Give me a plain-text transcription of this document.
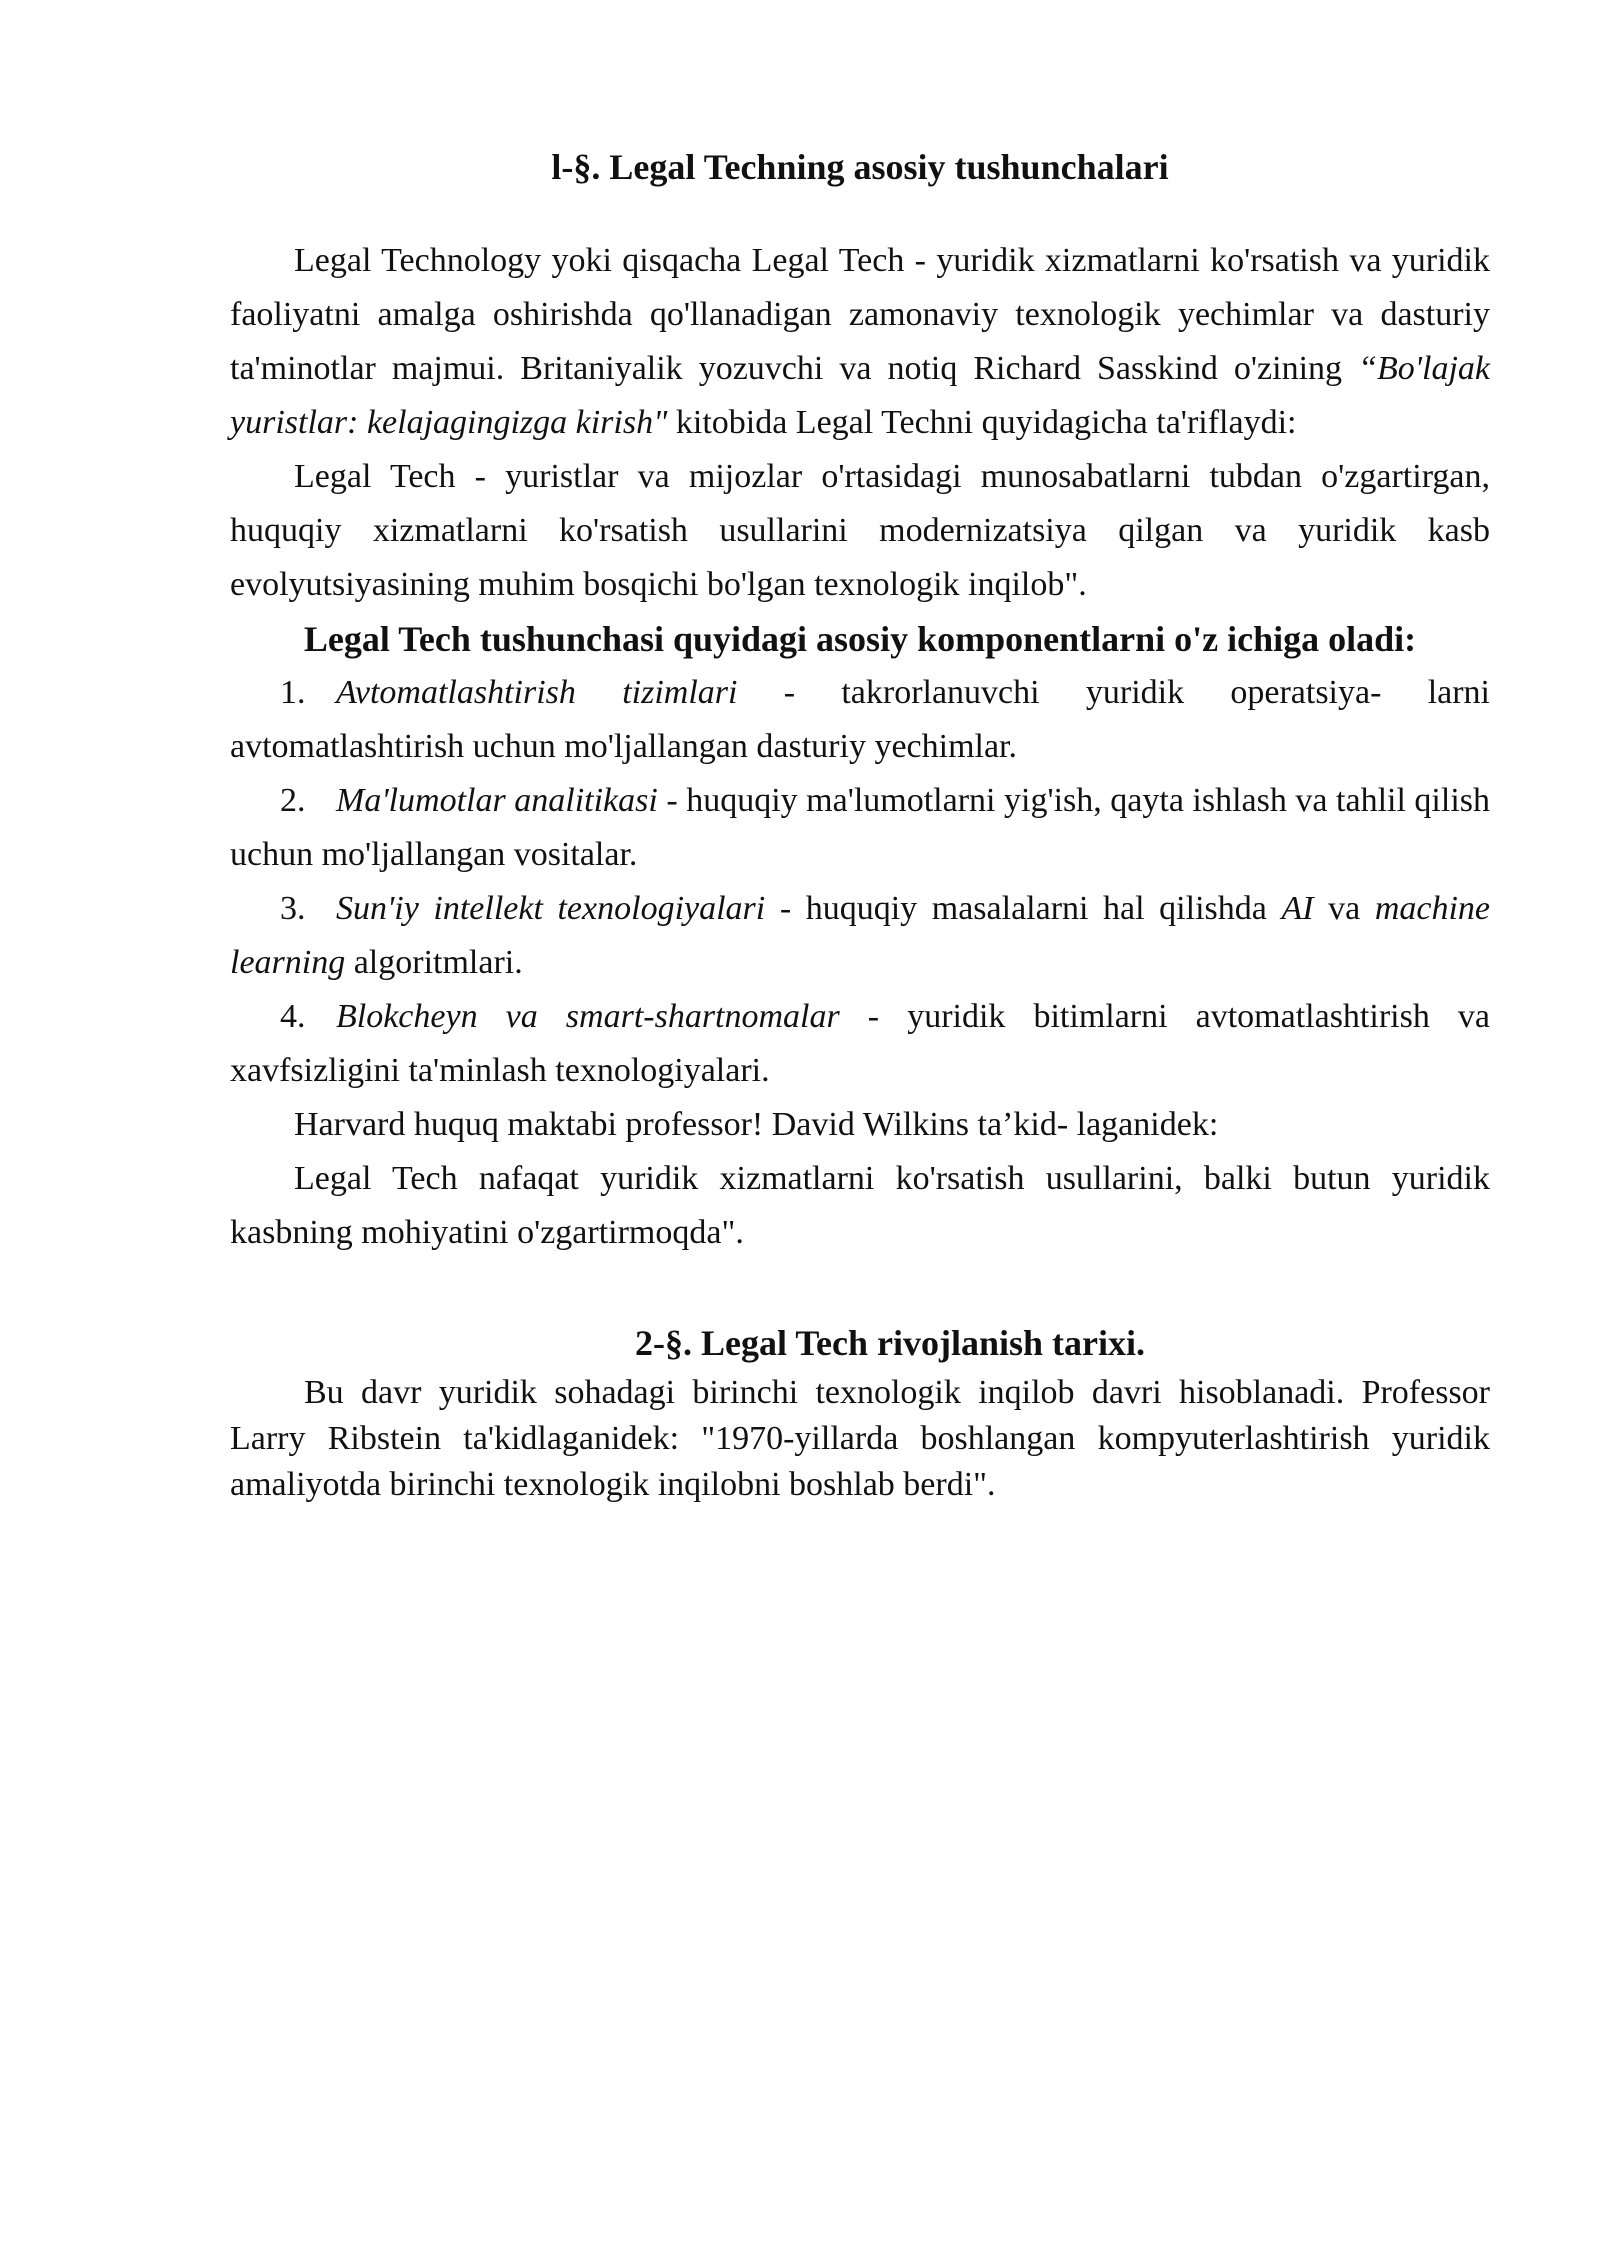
l-§. Legal Techning asosiy tushunchalari

Legal Technology yoki qisqacha Legal Tech - yuridik xizmatlarni ko'rsatish va yuridik faoliyatni amalga oshirishda qo'llanadigan zamonaviy texnologik yechimlar va dasturiy ta'minotlar majmui. Britaniyalik yozuvchi va notiq Richard Sasskind o'zining “Bo'lajak yuristlar: kelajagingizga kirish" kitobida Legal Techni quyidagicha ta'riflaydi:

Legal Tech - yuristlar va mijozlar o'rtasidagi munosabatlarni tubdan o'zgartirgan, huquqiy xizmatlarni ko'rsatish usullarini modernizatsiya qilgan va yuridik kasb evolyutsiyasining muhim bosqichi bo'lgan texnologik inqilob".

Legal Tech tushunchasi quyidagi asosiy komponentlarni o'z ichiga oladi:

1. Avtomatlashtirish tizimlari - takrorlanuvchi yuridik operatsiya- larni avtomatlashtirish uchun mo'ljallangan dasturiy yechimlar.

2. Ma'lumotlar analitikasi - huquqiy ma'lumotlarni yig'ish, qayta ishlash va tahlil qilish uchun mo'ljallangan vositalar.

3. Sun'iy intellekt texnologiyalari - huquqiy masalalarni hal qilishda AI va machine learning algoritmlari.

4. Blokcheyn va smart-shartnomalar - yuridik bitimlarni avtomatlashtirish va xavfsizligini ta'minlash texnologiyalari.

Harvard huquq maktabi professor! David Wilkins ta’kid- laganidek:

Legal Tech nafaqat yuridik xizmatlarni ko'rsatish usullarini, balki butun yuridik kasbning mohiyatini o'zgartirmoqda".

2-§. Legal Tech rivojlanish tarixi.

Bu davr yuridik sohadagi birinchi texnologik inqilob davri hisoblanadi. Professor Larry Ribstein ta'kidlaganidek: "1970-yillarda boshlangan kompyuterlashtirish yuridik amaliyotda birinchi texnologik inqilobni boshlab berdi".
